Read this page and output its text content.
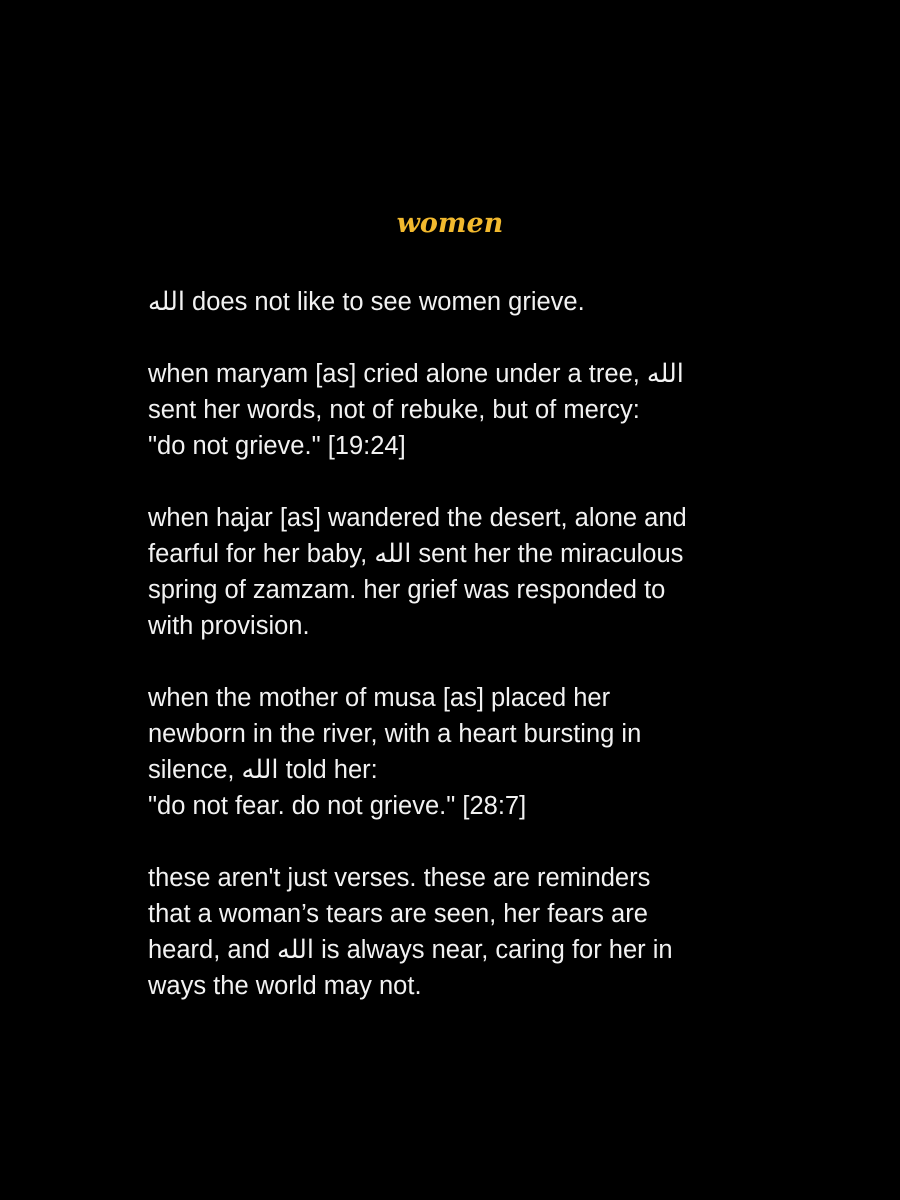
women

الله does not like to see women grieve.

when maryam [as] cried alone under a tree, الله
sent her words, not of rebuke, but of mercy:
"do not grieve." [19:24]

when hajar [as] wandered the desert, alone and
fearful for her baby, الله sent her the miraculous
spring of zamzam. her grief was responded to
with provision.

when the mother of musa [as] placed her
newborn in the river, with a heart bursting in
silence, الله told her:
"do not fear. do not grieve." [28:7]

these aren't just verses. these are reminders
that a woman’s tears are seen, her fears are
heard, and الله is always near, caring for her in
ways the world may not.
